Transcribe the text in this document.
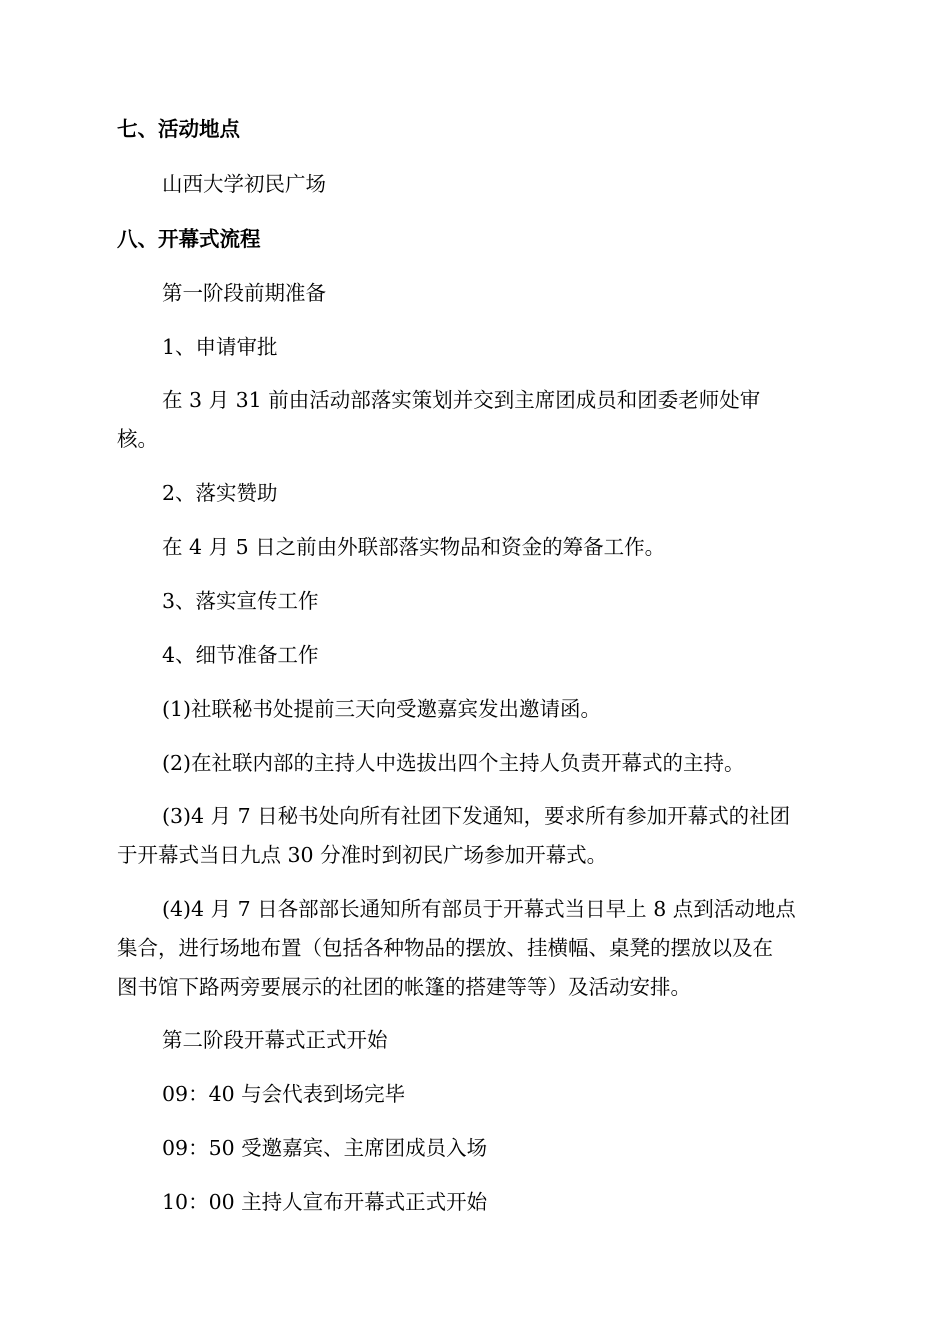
七、活动地点
山西大学初民广场
八、开幕式流程
第一阶段前期准备
1、申请审批
在 3 月 31 前由活动部落实策划并交到主席团成员和团委老师处审
核。
2、落实赞助
在 4 月 5 日之前由外联部落实物品和资金的筹备工作。
3、落实宣传工作
4、细节准备工作
(1)社联秘书处提前三天向受邀嘉宾发出邀请函。
(2)在社联内部的主持人中选拔出四个主持人负责开幕式的主持。
(3)4 月 7 日秘书处向所有社团下发通知，要求所有参加开幕式的社团
于开幕式当日九点 30 分准时到初民广场参加开幕式。
(4)4 月 7 日各部部长通知所有部员于开幕式当日早上 8 点到活动地点
集合，进行场地布置（包括各种物品的摆放、挂横幅、桌凳的摆放以及在
图书馆下路两旁要展示的社团的帐篷的搭建等等）及活动安排。
第二阶段开幕式正式开始
09：40 与会代表到场完毕
09：50 受邀嘉宾、主席团成员入场
10：00 主持人宣布开幕式正式开始
